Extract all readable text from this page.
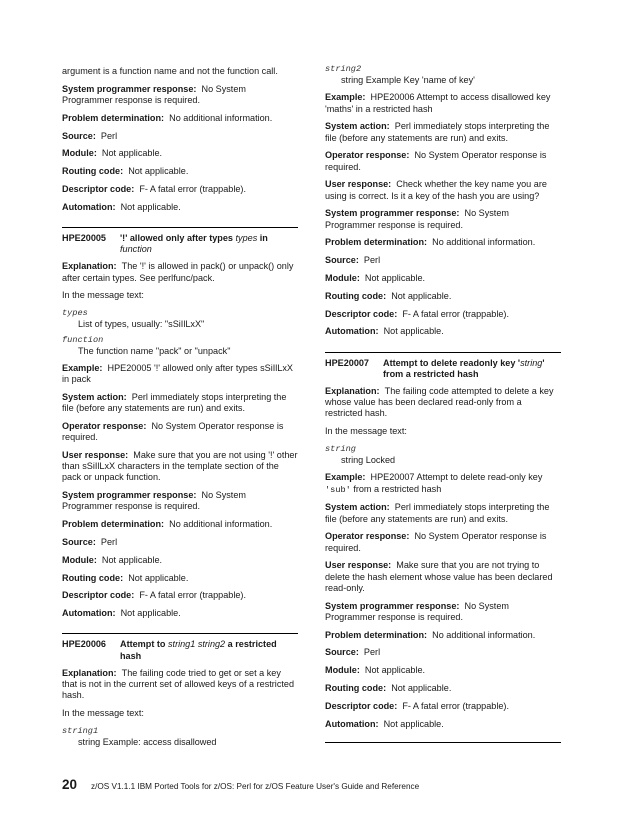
argument is a function name and not the function call.

System programmer response: No System Programmer response is required.

Problem determination: No additional information.

Source: Perl

Module: Not applicable.

Routing code: Not applicable.

Descriptor code: F- A fatal error (trappable).

Automation: Not applicable.

HPE20005	'!' allowed only after types types in
function

Explanation: The '!' is allowed in pack() or unpack() only after certain types. See perlfunc/pack.

In the message text:

types
List of types, usually: "sSiIlLxX"
function
The function name "pack" or "unpack"

Example: HPE20005 '!' allowed only after types sSiIlLxX in pack

System action: Perl immediately stops interpreting the file (before any statements are run) and exits.

Operator response: No System Operator response is required.

User response: Make sure that you are not using '!' other than sSiIlLxX characters in the template section of the pack or unpack function.

System programmer response: No System Programmer response is required.

Problem determination: No additional information.

Source: Perl

Module: Not applicable.

Routing code: Not applicable.

Descriptor code: F- A fatal error (trappable).

Automation: Not applicable.

HPE20006	Attempt to string1 string2 a restricted hash

Explanation: The failing code tried to get or set a key that is not in the current set of allowed keys of a restricted hash.

In the message text:

string1
string Example: access disallowed
string2
string Example Key 'name of key'

Example: HPE20006 Attempt to access disallowed key 'maths' in a restricted hash

System action: Perl immediately stops interpreting the file (before any statements are run) and exits.

Operator response: No System Operator response is required.

User response: Check whether the key name you are using is correct. Is it a key of the hash you are using?

System programmer response: No System Programmer response is required.

Problem determination: No additional information.

Source: Perl

Module: Not applicable.

Routing code: Not applicable.

Descriptor code: F- A fatal error (trappable).

Automation: Not applicable.

HPE20007	Attempt to delete readonly key 'string' from a restricted hash

Explanation: The failing code attempted to delete a key whose value has been declared read-only from a restricted hash.

In the message text:

string
string Locked

Example: HPE20007 Attempt to delete read-only key
'sub' from a restricted hash

System action: Perl immediately stops interpreting the file (before any statements are run) and exits.

Operator response: No System Operator response is required.

User response: Make sure that you are not trying to delete the hash element whose value has been declared read-only.

System programmer response: No System Programmer response is required.

Problem determination: No additional information.

Source: Perl

Module: Not applicable.

Routing code: Not applicable.

Descriptor code: F- A fatal error (trappable).

Automation: Not applicable.

20 z/OS V1.1.1 IBM Ported Tools for z/OS: Perl for z/OS Feature User's Guide and Reference
